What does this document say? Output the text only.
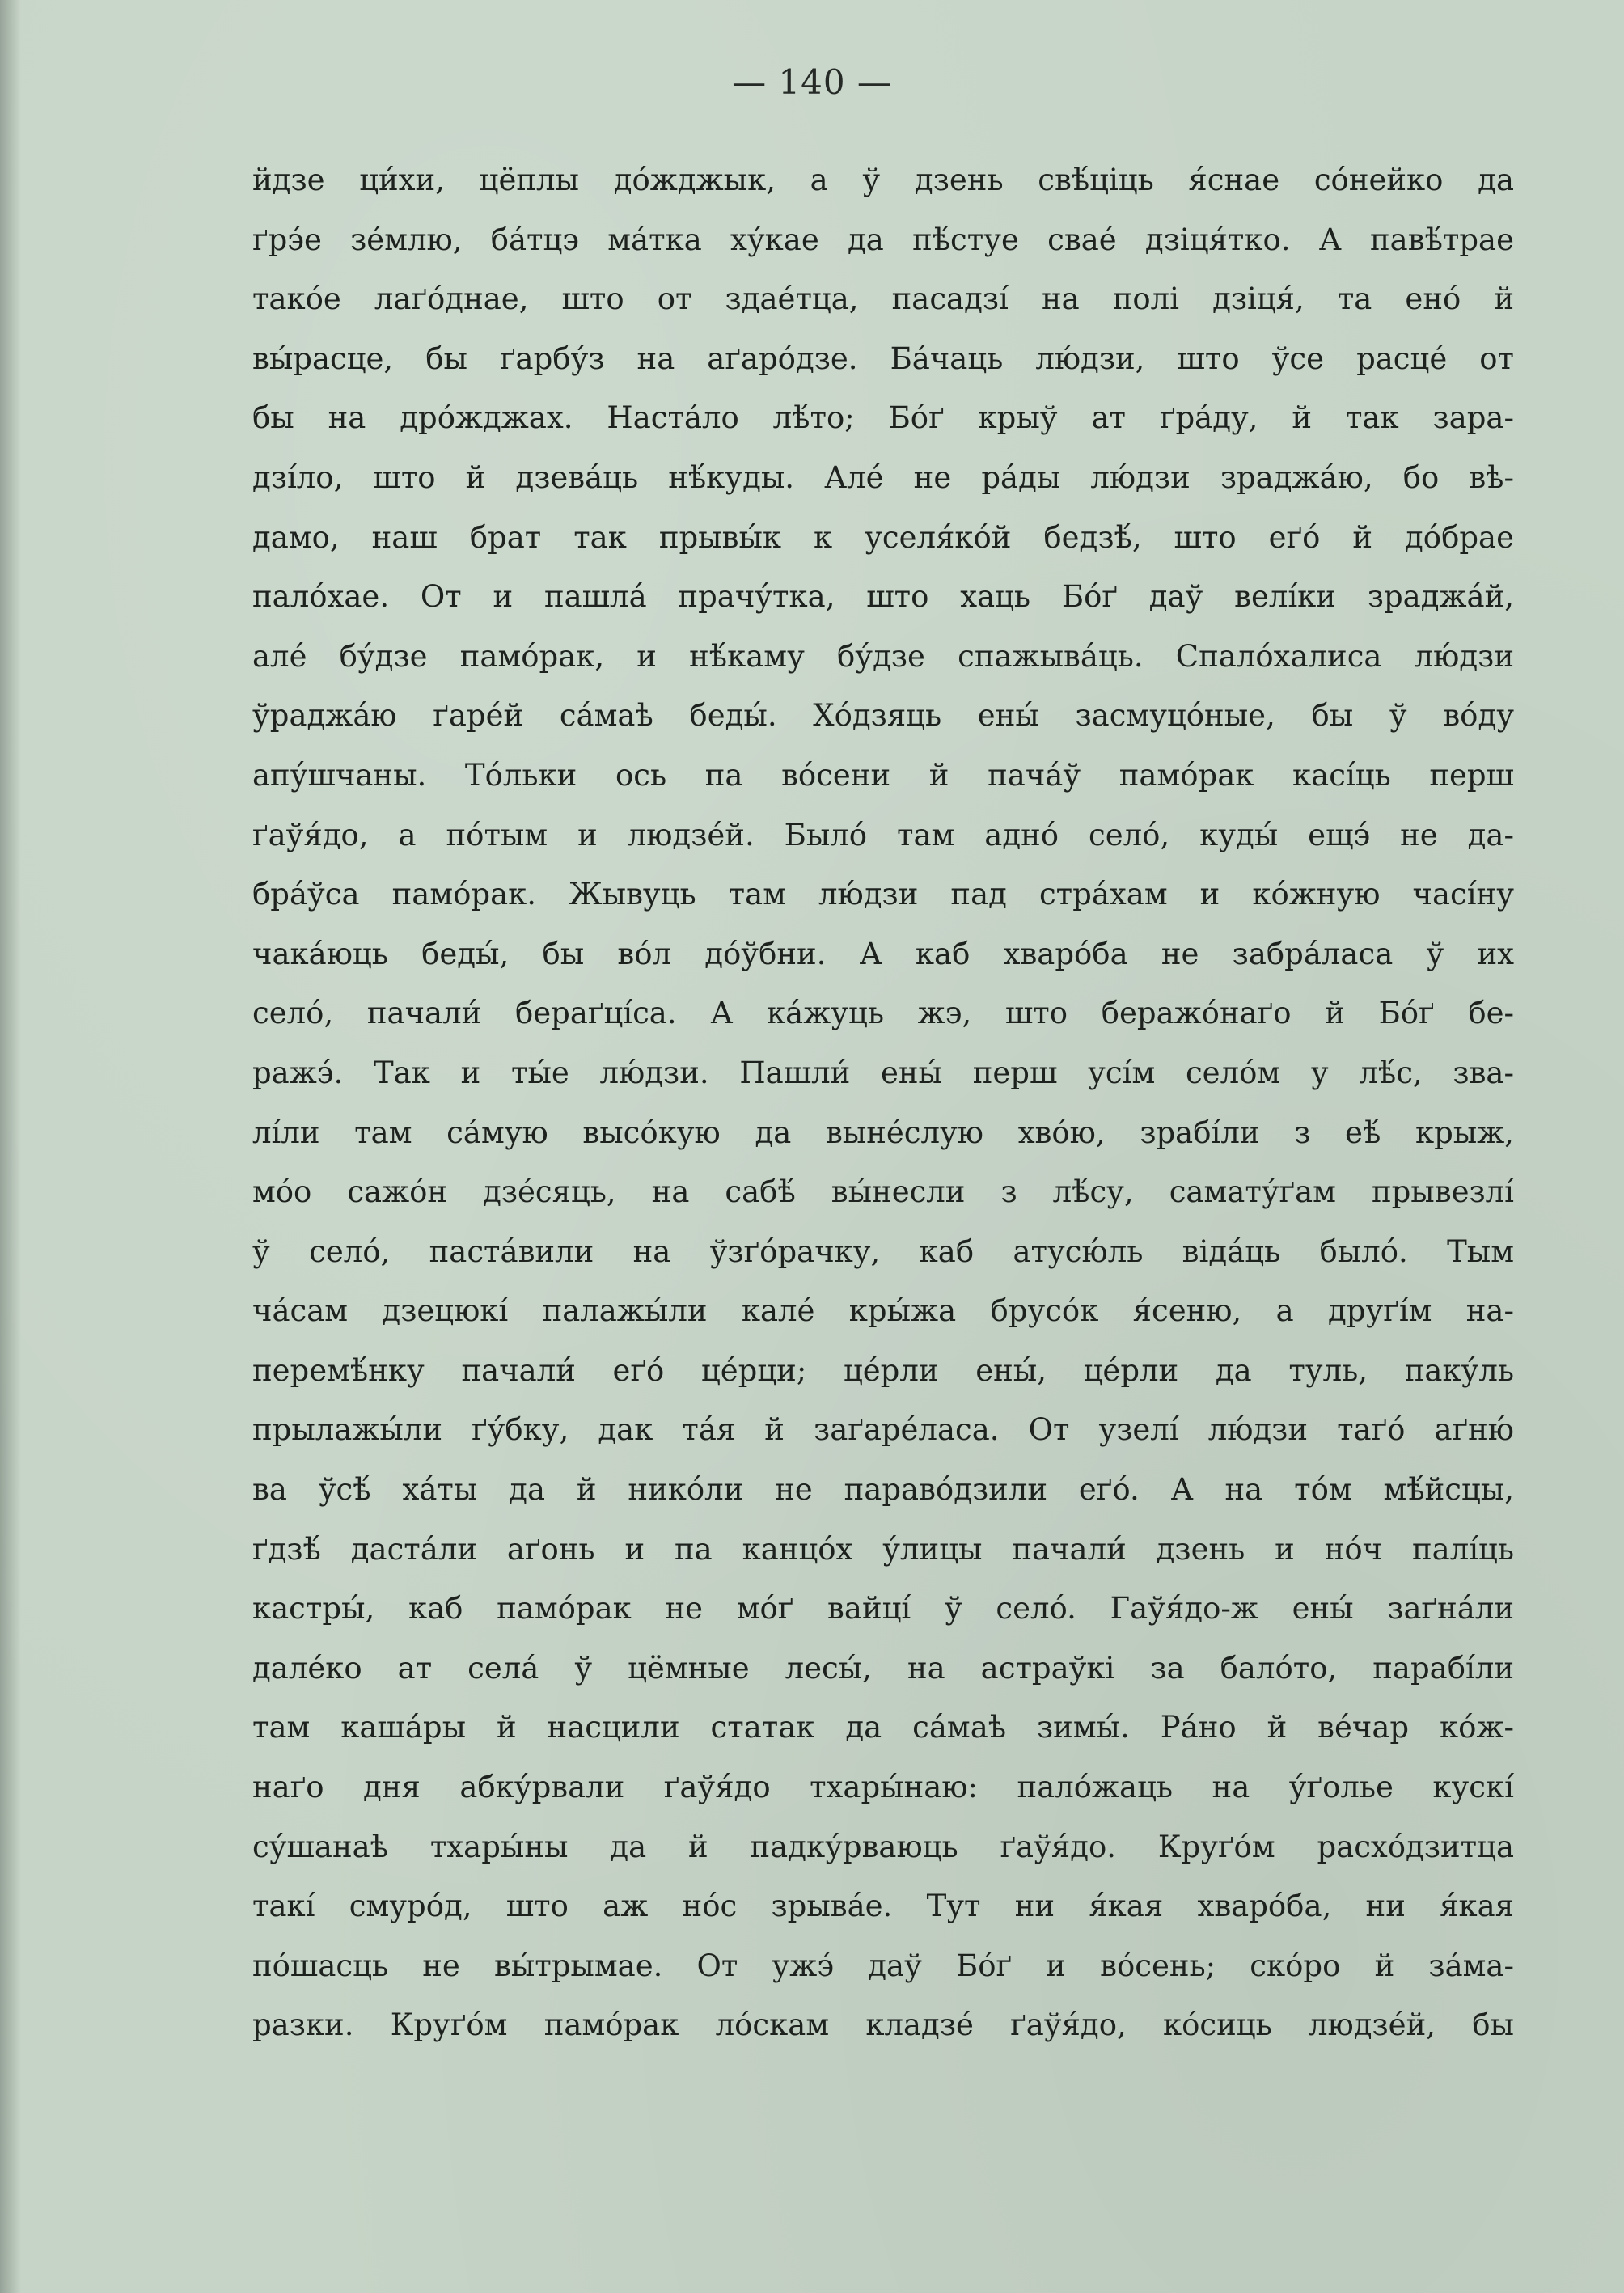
— 140 —
йдзе ци́хи, цёплы до́жджык, а ў дзень свѣ́ціць я́снае со́нейко да
ґрэ́е зе́млю, ба́тцэ ма́тка ху́кае да пѣ́стуе сваé дзіця́тко. А павѣ́трае
такóе лаґóднае, што от здаéтца, пасадзі́ на полі дзіця́, та енó й
вы́расце, бы ґарбу́з на аґарóдзе. Ба́чаць лю́дзи, што ўсе расцé от
бы на дрóжджах. Наста́ло лѣ́то; Бóґ крыў ат ґра́ду, й так зара-
дзíло, што й дзева́ць нѣ́куды. Алé не ра́ды лю́дзи зраджа́ю, бо вѣ-
дамо, наш брат так прывы́к к уселя́кóй бедзѣ́, што еґó й дóбрае
палóхае. От и пашла́ прачу́тка, што хаць Бóґ даў велíки зраджáй,
алé бу́дзе памóрак, и нѣ́каму бу́дзе спажыва́ць. Спалóхалиса лю́дзи
ўраджа́ю ґарéй са́маѣ беды́. Хóдзяць ены́ засмуцóные, бы ў вóду
апу́шчаны. Тóльки ось па вóсени й пача́ў памóрак касíць перш
ґаўя́до, а пóтым и людзéй. Было́ там адно́ селó, куды́ ещэ́ не да-
бра́ўса памóрак. Жывуць там лю́дзи пад стра́хам и кóжную часíну
чака́юць беды́, бы вóл дóўбни. А каб хварóба не забра́ласа ў их
селó, пачали́ бераґцíса. А ка́жуць жэ, што беражóнаґо й Бóґ бе-
ражэ́. Так и ты́е лю́дзи. Пашли́ ены́ перш усíм селóм у лѣ́с, зва-
лíли там са́мую высóкую да вынéслую хвóю, зрабíли з еѣ́ крыж,
мóо сажóн дзéсяць, на сабѣ́ вы́несли з лѣ́су, самату́ґам прывезлí
ў селó, пастáвили на ўзґóрачку, каб атусю́ль віда́ць было́. Тым
ча́сам дзецюкí палажы́ли калé кры́жа брусóк я́сеню, а друґíм на-
перемѣ́нку пачали́ еґó цéрци; цéрли ены́, цéрли да туль, паку́ль
прылажы́ли ґу́бку, дак та́я й заґарéласа. От узелі́ лю́дзи таґó аґню́
ва ўсѣ́ ха́ты да й никóли не паравóдзили еґó. А на тóм мѣ́йсцы,
ґдзѣ́ даста́ли аґонь и па канцóх у́лицы пачали́ дзень и нóч палíць
кастры́, каб памóрак не мóґ вайцí ў селó. Гаўя́до-ж ены́ заґна́ли
далéко ат села́ ў цёмные лесы́, на астраўкі за балóто, парабíли
там каша́ры й насцили статак да са́маѣ зимы́. Ра́но й вéчар кóж-
наґо дня абку́рвали ґаўя́до тхары́наю: палóжаць на у́ґолье кускí
су́шанаѣ тхары́ны да й падку́рваюць ґаўя́до. Круґóм расхóдзитца
такí смурóд, што аж нóс зрывáе. Тут ни я́кая хварóба, ни я́кая
пóшасць не вы́трымае. От ужэ́ даў Бóґ и вóсень; скóро й за́ма-
разки. Круґóм памóрак лóскам кладзé ґаўя́до, кóсиць людзéй, бы
